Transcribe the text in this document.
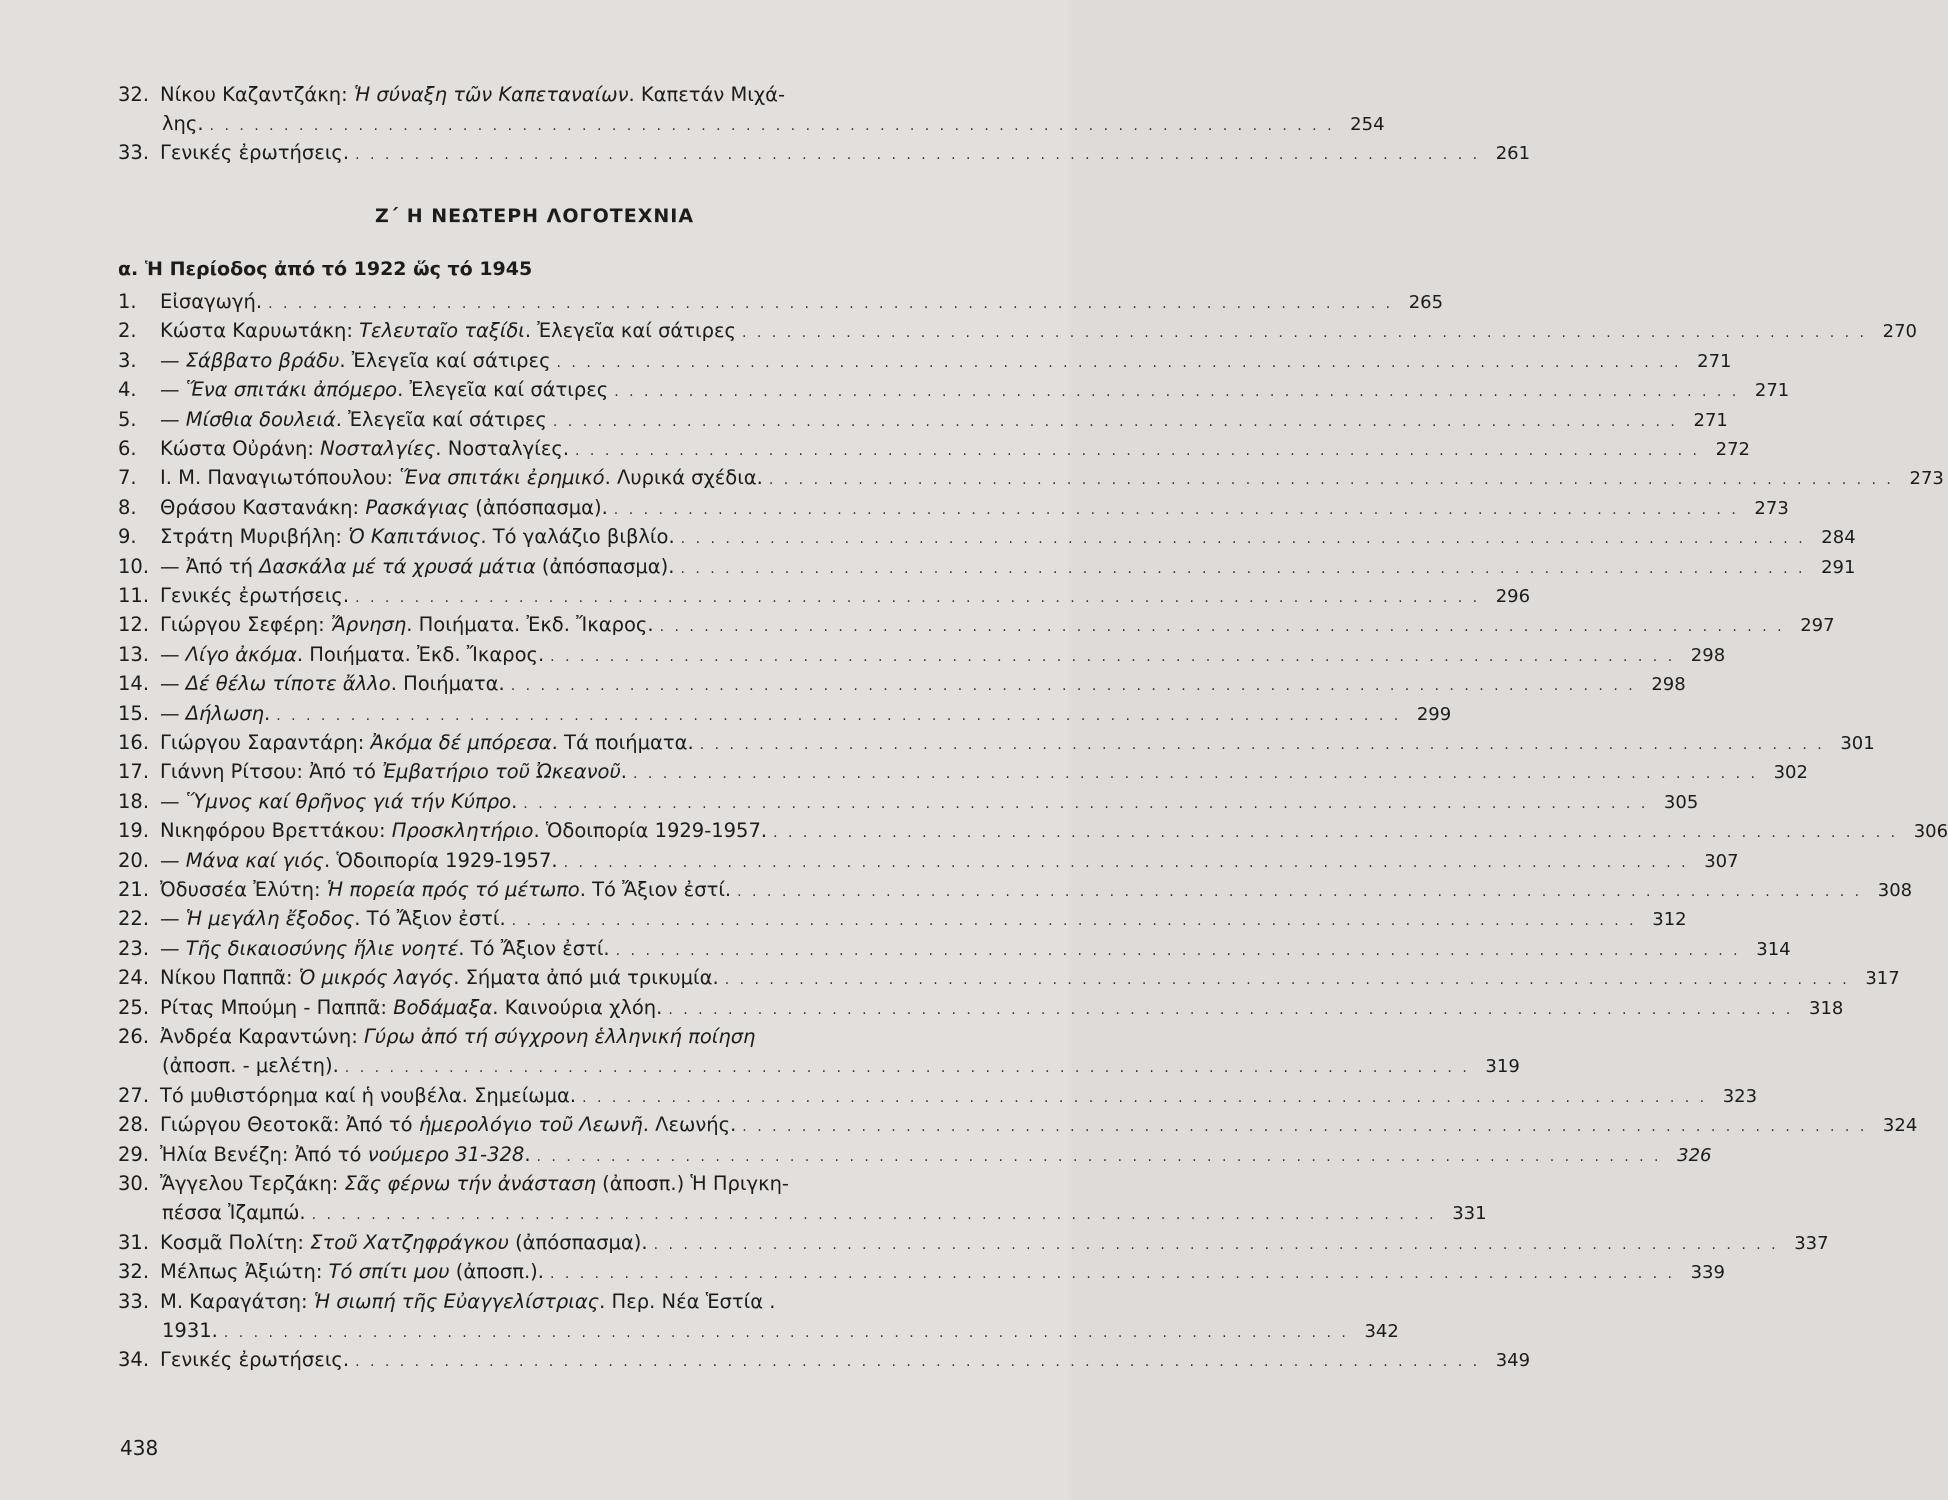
32. Νίκου Καζαντζάκη: Ἡ σύναξη τῶν Καπεταναίων. Καπετάν Μιχά-
λης. . . . . . . . . . . . . . . . . . . . . . . . . . . . . . . . . . . . . . . . . . . . . . . . . . . . . . . . . . . . . . . . . . . . . . . . . . . . . 254
33. Γενικές ἐρωτήσεις. . . . . . . . . . . . . . . . . . . . . . . . . . . . . . . . . . . . . . . . . . . . . . . . . . . . . . . . . . . . . . . . . . . . . . . . . . . . . 261
1.	Εἰσαγωγή. . . . . . . . . . . . . . . . . . . . . . . . . . . . . . . . . . . . . . . . . . . . . . . . . . . . . . . . . . . . . . . . . . . . . . . . . . . . . 265
2.	Κώστα Καρυωτάκη: Τελευταῖο ταξίδι. Ἐλεγεῖα καί σάτιρες . . . . . . . . . . . . . . . . . . . . . . . . . . . . . . . . . . . . . . . . . . . . . . . . . . . . . . . . . . . . . . . . . . . . . . . . . . . . 270
3.	— Σάββατο βράδυ. Ἐλεγεῖα καί σάτιρες . . . . . . . . . . . . . . . . . . . . . . . . . . . . . . . . . . . . . . . . . . . . . . . . . . . . . . . . . . . . . . . . . . . . . . . . . . . . 271
4.	— Ἕνα σπιτάκι ἀπόμερο. Ἐλεγεῖα καί σάτιρες . . . . . . . . . . . . . . . . . . . . . . . . . . . . . . . . . . . . . . . . . . . . . . . . . . . . . . . . . . . . . . . . . . . . . . . . . . . . 271
5.	— Μίσθια δουλειά. Ἐλεγεῖα καί σάτιρες . . . . . . . . . . . . . . . . . . . . . . . . . . . . . . . . . . . . . . . . . . . . . . . . . . . . . . . . . . . . . . . . . . . . . . . . . . . . 271
6.	Κώστα Οὐράνη: Νοσταλγίες. Νοσταλγίες. . . . . . . . . . . . . . . . . . . . . . . . . . . . . . . . . . . . . . . . . . . . . . . . . . . . . . . . . . . . . . . . . . . . . . . . . . . . . 272
7.	Ι. Μ. Παναγιωτόπουλου: Ἕνα σπιτάκι ἐρημικό. Λυρικά σχέδια. . . . . . . . . . . . . . . . . . . . . . . . . . . . . . . . . . . . . . . . . . . . . . . . . . . . . . . . . . . . . . . . . . . . . . . . . . . . . 273
8.	Θράσου Καστανάκη: Ρασκάγιας (ἀπόσπασμα). . . . . . . . . . . . . . . . . . . . . . . . . . . . . . . . . . . . . . . . . . . . . . . . . . . . . . . . . . . . . . . . . . . . . . . . . . . . . 273
9.	Στράτη Μυριβήλη: Ὁ Καπιτάνιος. Τό γαλάζιο βιβλίο. . . . . . . . . . . . . . . . . . . . . . . . . . . . . . . . . . . . . . . . . . . . . . . . . . . . . . . . . . . . . . . . . . . . . . . . . . . . . 284
10. — Ἀπό τή Δασκάλα μέ τά χρυσά μάτια (ἀπόσπασμα). . . . . . . . . . . . . . . . . . . . . . . . . . . . . . . . . . . . . . . . . . . . . . . . . . . . . . . . . . . . . . . . . . . . . . . . . . . . . 291
11. Γενικές ἐρωτήσεις. . . . . . . . . . . . . . . . . . . . . . . . . . . . . . . . . . . . . . . . . . . . . . . . . . . . . . . . . . . . . . . . . . . . . . . . . . . . . 296
12. Γιώργου Σεφέρη: Ἄρνηση. Ποιήματα. Ἐκδ. Ἴκαρος. . . . . . . . . . . . . . . . . . . . . . . . . . . . . . . . . . . . . . . . . . . . . . . . . . . . . . . . . . . . . . . . . . . . . . . . . . . . . 297
13. — Λίγο ἀκόμα. Ποιήματα. Ἐκδ. Ἴκαρος. . . . . . . . . . . . . . . . . . . . . . . . . . . . . . . . . . . . . . . . . . . . . . . . . . . . . . . . . . . . . . . . . . . . . . . . . . . . . 298
14. — Δέ θέλω τίποτε ἄλλο. Ποιήματα. . . . . . . . . . . . . . . . . . . . . . . . . . . . . . . . . . . . . . . . . . . . . . . . . . . . . . . . . . . . . . . . . . . . . . . . . . . . . 298
15. — Δήλωση. . . . . . . . . . . . . . . . . . . . . . . . . . . . . . . . . . . . . . . . . . . . . . . . . . . . . . . . . . . . . . . . . . . . . . . . . . . . . 299
16. Γιώργου Σαραντάρη: Ἀκόμα δέ μπόρεσα. Τά ποιήματα. . . . . . . . . . . . . . . . . . . . . . . . . . . . . . . . . . . . . . . . . . . . . . . . . . . . . . . . . . . . . . . . . . . . . . . . . . . . . 301
17. Γιάννη Ρίτσου: Ἀπό τό Ἐμβατήριο τοῦ Ὠκεανοῦ. . . . . . . . . . . . . . . . . . . . . . . . . . . . . . . . . . . . . . . . . . . . . . . . . . . . . . . . . . . . . . . . . . . . . . . . . . . . . 302
18. — Ὕμνος καί θρῆνος γιά τήν Κύπρο. . . . . . . . . . . . . . . . . . . . . . . . . . . . . . . . . . . . . . . . . . . . . . . . . . . . . . . . . . . . . . . . . . . . . . . . . . . . . 305
19. Νικηφόρου Βρεττάκου: Προσκλητήριο. Ὁδοιπορία 1929-1957. . . . . . . . . . . . . . . . . . . . . . . . . . . . . . . . . . . . . . . . . . . . . . . . . . . . . . . . . . . . . . . . . . . . . . . . . . . . . 306
20. — Μάνα καί γιός. Ὁδοιπορία 1929-1957. . . . . . . . . . . . . . . . . . . . . . . . . . . . . . . . . . . . . . . . . . . . . . . . . . . . . . . . . . . . . . . . . . . . . . . . . . . . . 307
21. Ὀδυσσέα Ἐλύτη: Ἡ πορεία πρός τό μέτωπο. Τό Ἄξιον ἐστί. . . . . . . . . . . . . . . . . . . . . . . . . . . . . . . . . . . . . . . . . . . . . . . . . . . . . . . . . . . . . . . . . . . . . . . . . . . . . 308
22. — Ἡ μεγάλη ἔξοδος. Τό Ἄξιον ἐστί. . . . . . . . . . . . . . . . . . . . . . . . . . . . . . . . . . . . . . . . . . . . . . . . . . . . . . . . . . . . . . . . . . . . . . . . . . . . . 312
23. — Τῆς δικαιοσύνης ἥλιε νοητέ. Τό Ἄξιον ἐστί. . . . . . . . . . . . . . . . . . . . . . . . . . . . . . . . . . . . . . . . . . . . . . . . . . . . . . . . . . . . . . . . . . . . . . . . . . . . . 314
24. Νίκου Παππᾶ: Ὁ μικρός λαγός. Σήματα ἀπό μιά τρικυμία. . . . . . . . . . . . . . . . . . . . . . . . . . . . . . . . . . . . . . . . . . . . . . . . . . . . . . . . . . . . . . . . . . . . . . . . . . . . . 317
25. Ρίτας Μπούμη - Παππᾶ: Βοδάμαξα. Καινούρια χλόη. . . . . . . . . . . . . . . . . . . . . . . . . . . . . . . . . . . . . . . . . . . . . . . . . . . . . . . . . . . . . . . . . . . . . . . . . . . . . 318
26. Ἀνδρέα Καραντώνη: Γύρω ἀπό τή σύγχρονη ἑλληνική ποίηση
(ἀποσπ. - μελέτη). . . . . . . . . . . . . . . . . . . . . . . . . . . . . . . . . . . . . . . . . . . . . . . . . . . . . . . . . . . . . . . . . . . . . . . . . . . . . 319
27. Τό μυθιστόρημα καί ἡ νουβέλα. Σημείωμα. . . . . . . . . . . . . . . . . . . . . . . . . . . . . . . . . . . . . . . . . . . . . . . . . . . . . . . . . . . . . . . . . . . . . . . . . . . . . 323
28. Γιώργου Θεοτοκᾶ: Ἀπό τό ἡμερολόγιο τοῦ Λεωνῆ. Λεωνής. . . . . . . . . . . . . . . . . . . . . . . . . . . . . . . . . . . . . . . . . . . . . . . . . . . . . . . . . . . . . . . . . . . . . . . . . . . . . 324
29. Ἠλία Βενέζη: Ἀπό τό νούμερο 31-328. . . . . . . . . . . . . . . . . . . . . . . . . . . . . . . . . . . . . . . . . . . . . . . . . . . . . . . . . . . . . . . . . . . . . . . . . . . . . 326
30. Ἄγγελου Τερζάκη: Σᾶς φέρνω τήν ἀνάσταση (ἀποσπ.) Ἡ Πριγκη-
πέσσα Ἰζαμπώ. . . . . . . . . . . . . . . . . . . . . . . . . . . . . . . . . . . . . . . . . . . . . . . . . . . . . . . . . . . . . . . . . . . . . . . . . . . . . 331
31. Κοσμᾶ Πολίτη: Στοῦ Χατζηφράγκου (ἀπόσπασμα). . . . . . . . . . . . . . . . . . . . . . . . . . . . . . . . . . . . . . . . . . . . . . . . . . . . . . . . . . . . . . . . . . . . . . . . . . . . . 337
32. Μέλπως Ἀξιώτη: Τό σπίτι μου (ἀποσπ.). . . . . . . . . . . . . . . . . . . . . . . . . . . . . . . . . . . . . . . . . . . . . . . . . . . . . . . . . . . . . . . . . . . . . . . . . . . . . 339
33. Μ. Καραγάτση: Ἡ σιωπή τῆς Εὐαγγελίστριας. Περ. Νέα Ἑστία .
1931. . . . . . . . . . . . . . . . . . . . . . . . . . . . . . . . . . . . . . . . . . . . . . . . . . . . . . . . . . . . . . . . . . . . . . . . . . . . . 342
34. Γενικές ἐρωτήσεις. . . . . . . . . . . . . . . . . . . . . . . . . . . . . . . . . . . . . . . . . . . . . . . . . . . . . . . . . . . . . . . . . . . . . . . . . . . . . 349
Ζ΄ Η ΝΕΩΤΕΡΗ ΛΟΓΟΤΕΧΝΙΑ
α. Ἡ Περίοδος ἀπό τό 1922 ὥς τό 1945
438
